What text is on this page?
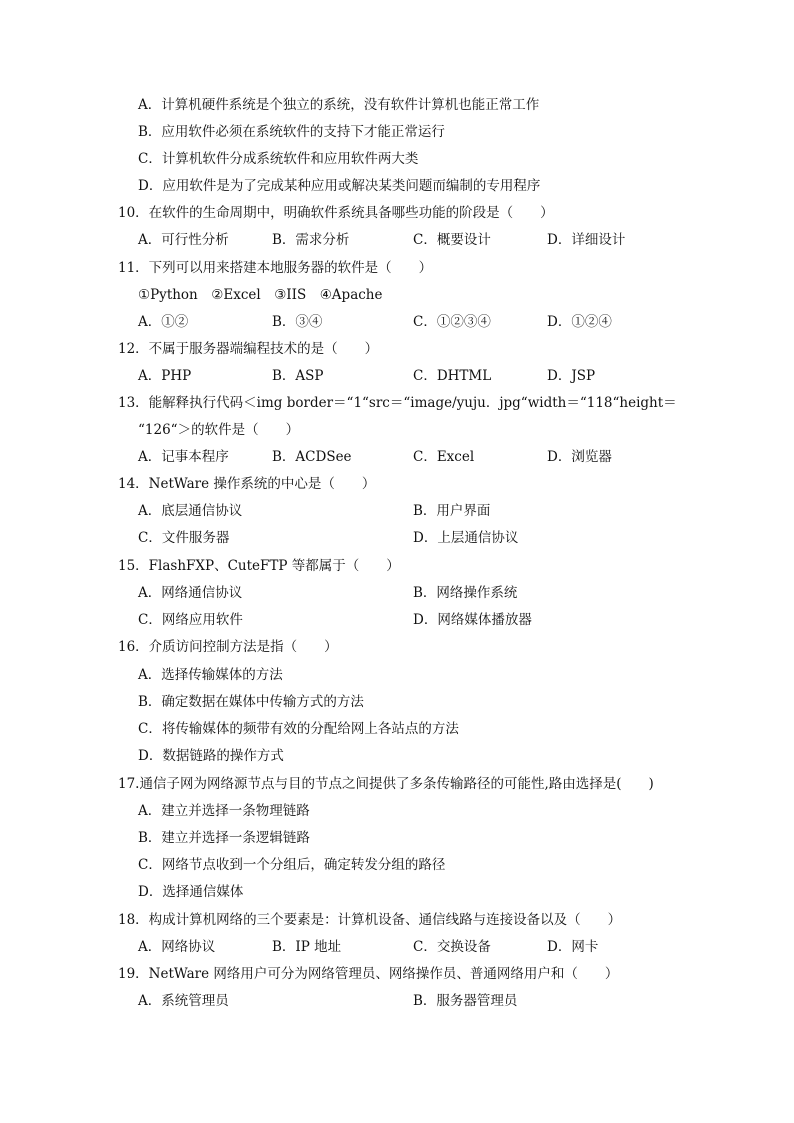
A．计算机硬件系统是个独立的系统，没有软件计算机也能正常工作
B．应用软件必须在系统软件的支持下才能正常运行
C．计算机软件分成系统软件和应用软件两大类
D．应用软件是为了完成某种应用或解决某类问题而编制的专用程序
10．在软件的生命周期中，明确软件系统具备哪些功能的阶段是（　　）
11．下列可以用来搭建本地服务器的软件是（　　）
①Python　②Excel　③IIS　④Apache
12．不属于服务器端编程技术的是（　　）
13．能解释执行代码＜img border＝“1“src＝“image/yuju．jpg“width＝“118“height＝
“126“＞的软件是（　　）
14．NetWare 操作系统的中心是（　　）
15．FlashFXP、CuteFTP 等都属于（　　）
16．介质访问控制方法是指（　　）
A．选择传输媒体的方法
B．确定数据在媒体中传输方式的方法
C．将传输媒体的频带有效的分配给网上各站点的方法
D．数据链路的操作方式
17.通信子网为网络源节点与目的节点之间提供了多条传输路径的可能性,路由选择是(　　)
A．建立并选择一条物理链路
B．建立并选择一条逻辑链路
C．网络节点收到一个分组后，确定转发分组的路径
D．选择通信媒体
18．构成计算机网络的三个要素是：计算机设备、通信线路与连接设备以及（　　）
19．NetWare 网络用户可分为网络管理员、网络操作员、普通网络用户和（　　）
A．可行性分析	B．需求分析	C．概要设计	D．详细设计
A．①②	B．③④	C．①②③④	D．①②④
A．PHP	B．ASP	C．DHTML	D．JSP
A．记事本程序	B．ACDSee	C．Excel	D．浏览器
A．底层通信协议	B．用户界面
C．文件服务器	D．上层通信协议
A．网络通信协议	B．网络操作系统
C．网络应用软件	D．网络媒体播放器
A．网络协议	B．IP 地址	C．交换设备	D．网卡
A．系统管理员	B．服务器管理员
